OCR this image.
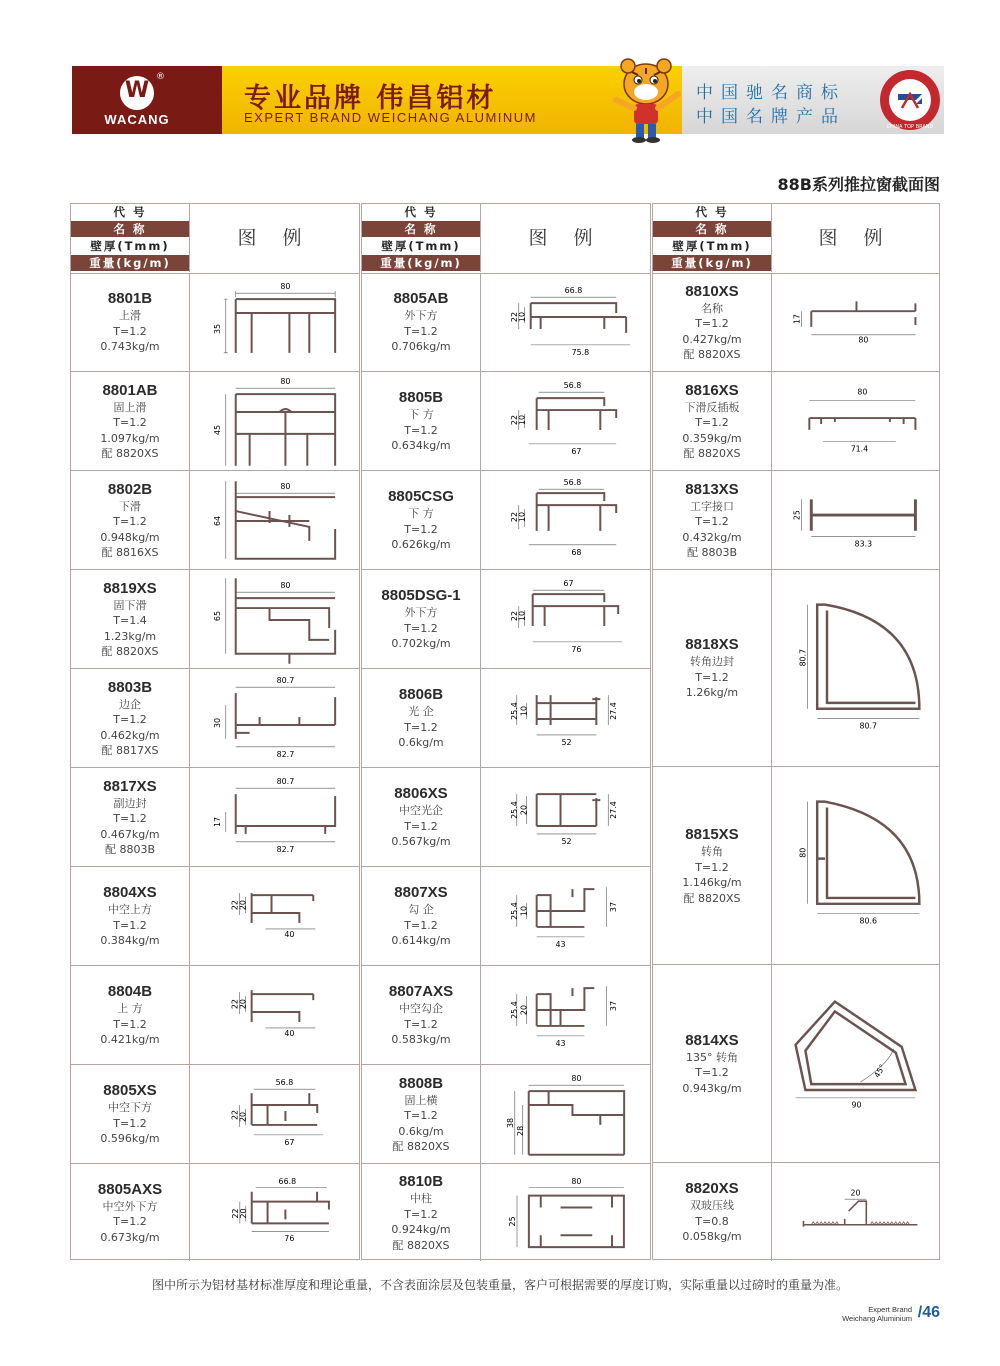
W
®
WACANG
专业品牌 伟昌铝材
EXPERT BRAND WEICHANG ALUMINUM
中国驰名商标
中国名牌产品	CHINA TOP BRAND
88B系列推拉窗截面图
代 号
名 称
壁厚(Tmm)
重量(kg/m)
图 例
8801B
上滑
T=1.2
0.743kg/m
80
35
8801AB
固上滑
T=1.2
1.097kg/m
配 8820XS
80
45
8802B
下滑
T=1.2
0.948kg/m
配 8816XS
80
64
8819XS
固下滑
T=1.4
1.23kg/m
配 8820XS
80
65
8803B
边企
T=1.2
0.462kg/m
配 8817XS
80.7
82.7
30
8817XS
副边封
T=1.2
0.467kg/m
配 8803B
80.7
82.7
17
8804XS
中空上方
T=1.2
0.384kg/m	40
22
20
8804B
上 方
T=1.2
0.421kg/m	40
22
20
8805XS
中空下方
T=1.2
0.596kg/m
56.8
67
22
20
8805AXS
中空外下方
T=1.2
0.673kg/m
66.8
76
22
20
代 号
名 称
壁厚(Tmm)
重量(kg/m)
图 例
8805AB
外下方
T=1.2
0.706kg/m
66.8
75.8
22
10
8805B
下 方
T=1.2
0.634kg/m
56.8
67
22
10
8805CSG
下 方
T=1.2
0.626kg/m
56.8
68
22
10
8805DSG-1
外下方
T=1.2
0.702kg/m
67
76
22
10
8806B
光 企
T=1.2
0.6kg/m	52
25.4 10	27.4
8806XS
中空光企
T=1.2
0.567kg/m	52
25.4 20	27.4
8807XS
勾 企
T=1.2
0.614kg/m	43
25.4 10	37
8807AXS
中空勾企
T=1.2
0.583kg/m	43
25.4 20	37
8808B
固上横
T=1.2
0.6kg/m
配 8820XS
80
38
28
8810B
中柱
T=1.2
0.924kg/m
配 8820XS
80
25
代 号
名 称
壁厚(Tmm)
重量(kg/m)
图 例
8810XS
名称
T=1.2
0.427kg/m
配 8820XS
80
17
8816XS
下滑反插板
T=1.2
0.359kg/m
配 8820XS
80
71.4
8813XS
工字接口
T=1.2
0.432kg/m
配 8803B
83.3
25
8818XS
转角边封
T=1.2
1.26kg/m
80.7
80.7
8815XS
转角
T=1.2
1.146kg/m
配 8820XS
80
80.6
8814XS
135° 转角
T=1.2
0.943kg/m
90
45°
8820XS
双玻压线
T=0.8
0.058kg/m
20
图中所示为铝材基材标准厚度和理论重量，不含表面涂层及包装重量，客户可根据需要的厚度订购，实际重量以过磅时的重量为准。
Expert Brand
Weichang Aluminium /46
